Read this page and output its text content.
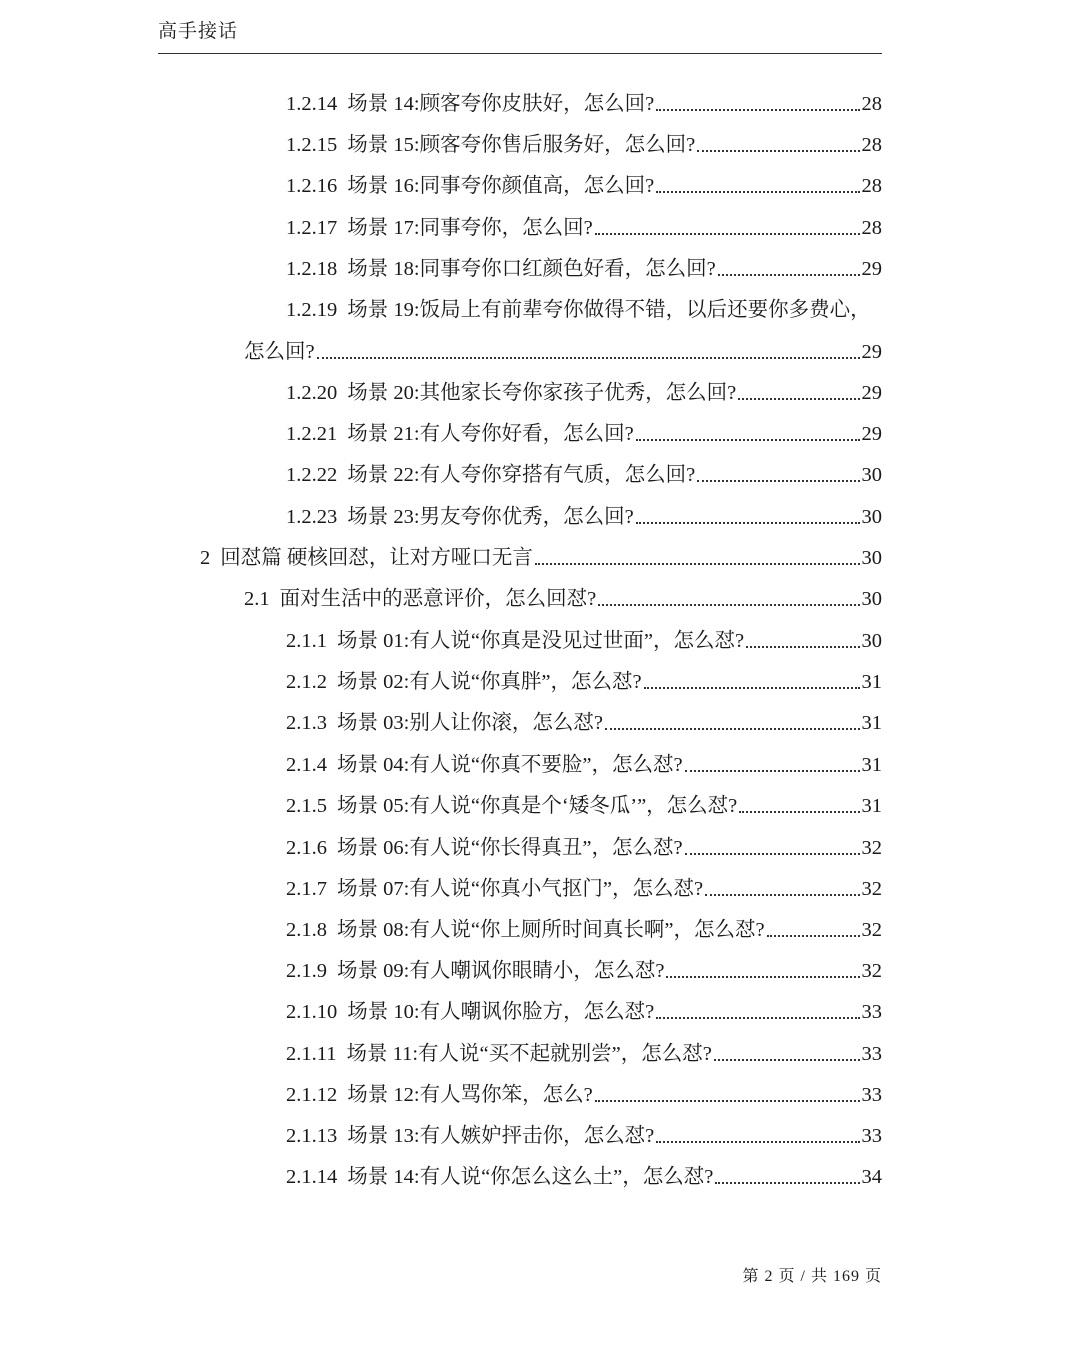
高手接话
1.2.14 场景 14:顾客夸你皮肤好，怎么回?	28
1.2.15 场景 15:顾客夸你售后服务好，怎么回?	28
1.2.16 场景 16:同事夸你颜值高，怎么回?	28
1.2.17 场景 17:同事夸你，怎么回?	28
1.2.18 场景 18:同事夸你口红颜色好看，怎么回?	29
1.2.19 场景 19:饭局上有前辈夸你做得不错，以后还要你多费心，
怎么回?	29
1.2.20 场景 20:其他家长夸你家孩子优秀，怎么回?	29
1.2.21 场景 21:有人夸你好看，怎么回?	29
1.2.22 场景 22:有人夸你穿搭有气质，怎么回?	30
1.2.23 场景 23:男友夸你优秀，怎么回?	30
2 回怼篇 硬核回怼，让对方哑口无言	30
2.1 面对生活中的恶意评价，怎么回怼?	30
2.1.1 场景 01:有人说“你真是没见过世面”，怎么怼?	30
2.1.2 场景 02:有人说“你真胖”，怎么怼?	31
2.1.3 场景 03:别人让你滚，怎么怼?	31
2.1.4 场景 04:有人说“你真不要脸”，怎么怼?	31
2.1.5 场景 05:有人说“你真是个‘矮冬瓜’”，怎么怼?	31
2.1.6 场景 06:有人说“你长得真丑”，怎么怼?	32
2.1.7 场景 07:有人说“你真小气抠门”，怎么怼?	32
2.1.8 场景 08:有人说“你上厕所时间真长啊”，怎么怼?	32
2.1.9 场景 09:有人嘲讽你眼睛小，怎么怼?	32
2.1.10 场景 10:有人嘲讽你脸方，怎么怼?	33
2.1.11 场景 11:有人说“买不起就别尝”，怎么怼?	33
2.1.12 场景 12:有人骂你笨，怎么?	33
2.1.13 场景 13:有人嫉妒抨击你，怎么怼?	33
2.1.14 场景 14:有人说“你怎么这么土”，怎么怼?	34
第 2 页 / 共 169 页
